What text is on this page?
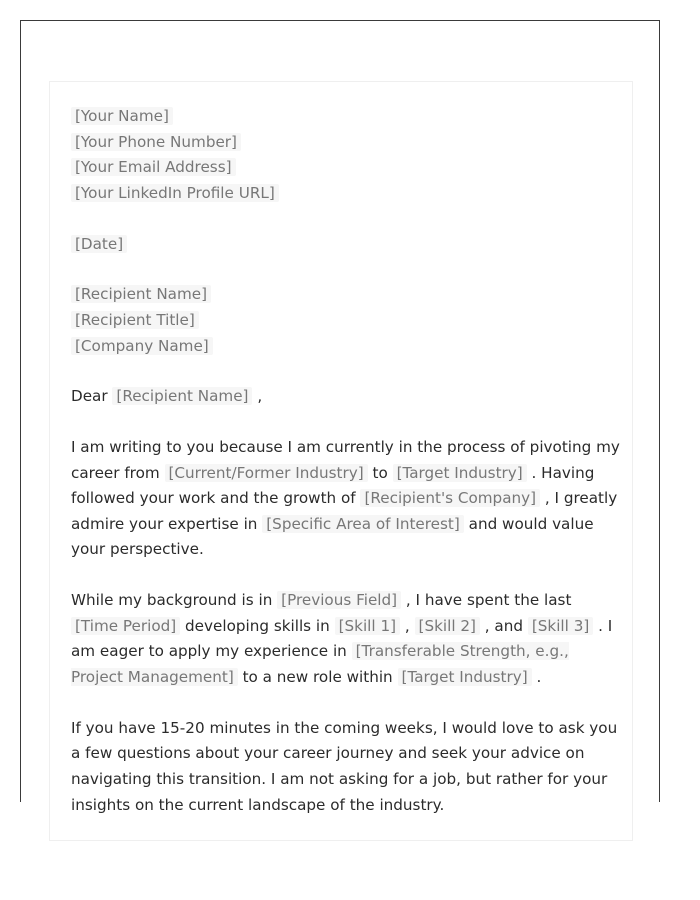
[Your Name]
[Your Phone Number]
[Your Email Address]
[Your LinkedIn Profile URL]
[Date]
[Recipient Name]
[Recipient Title]
[Company Name]

Dear [Recipient Name] ,

I am writing to you because I am currently in the process of pivoting my career from [Current/Former Industry] to [Target Industry] . Having followed your work and the growth of [Recipient's Company] , I greatly admire your expertise in [Specific Area of Interest] and would value your perspective.

While my background is in [Previous Field] , I have spent the last [Time Period] developing skills in [Skill 1] , [Skill 2] , and [Skill 3] . I am eager to apply my experience in [Transferable Strength, e.g., Project Management] to a new role within [Target Industry] .

If you have 15-20 minutes in the coming weeks, I would love to ask you a few questions about your career journey and seek your advice on navigating this transition. I am not asking for a job, but rather for your insights on the current landscape of the industry.
